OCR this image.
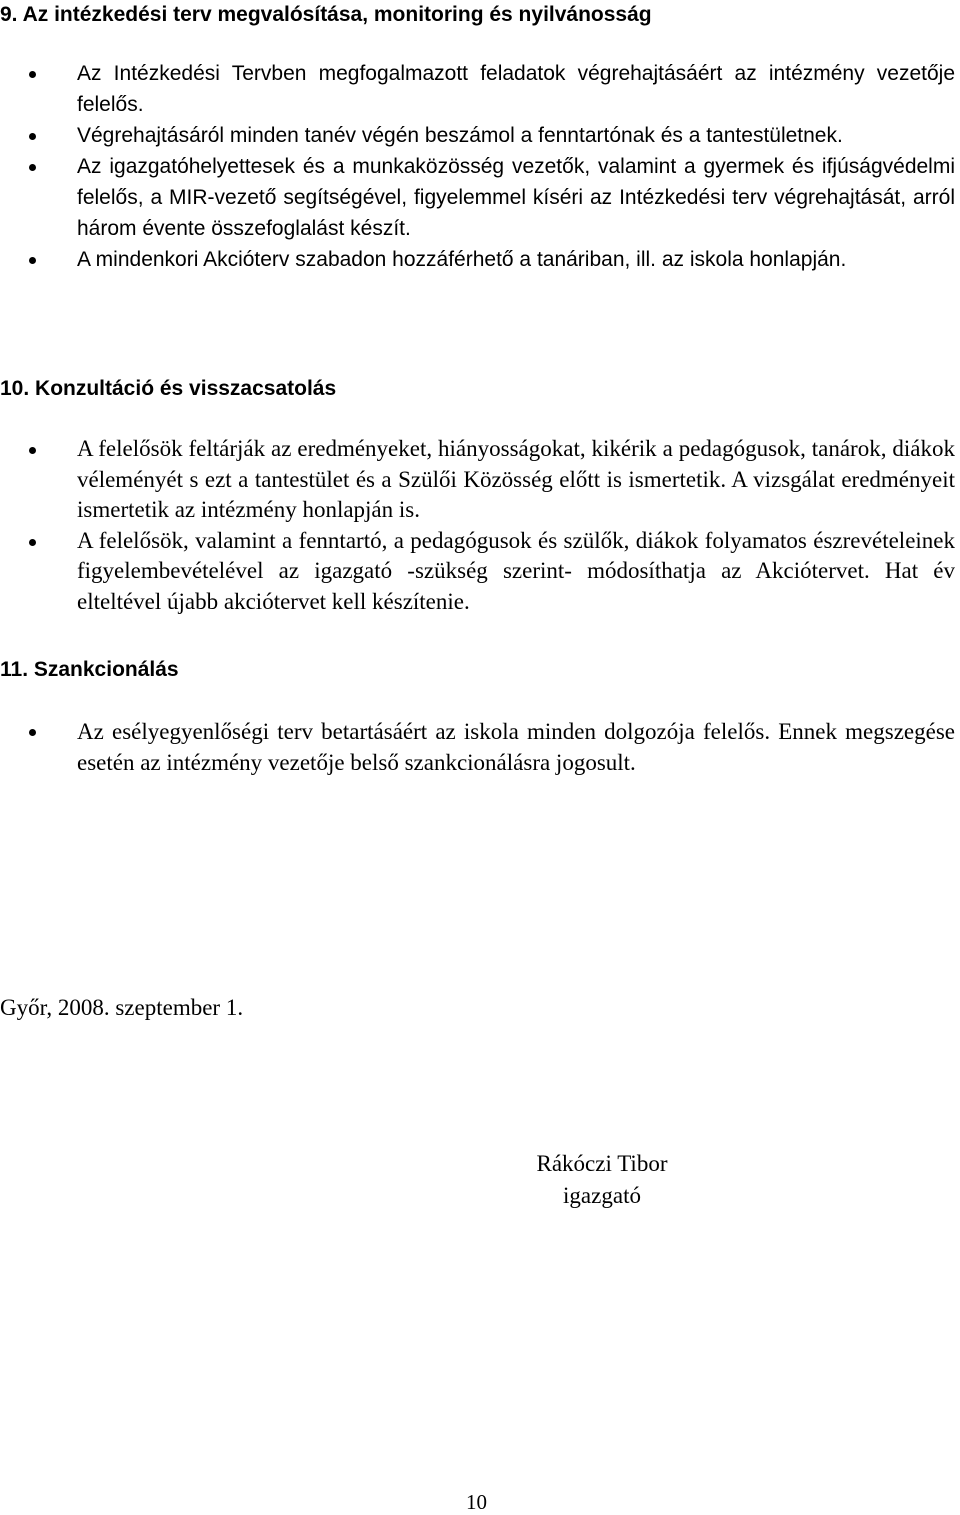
9. Az intézkedési terv megvalósítása, monitoring és nyilvánosság
Az Intézkedési Tervben megfogalmazott feladatok végrehajtásáért az intézmény vezetője felelős.
Végrehajtásáról minden tanév végén beszámol a fenntartónak és a tantestületnek.
Az igazgatóhelyettesek és a munkaközösség vezetők, valamint a gyermek és ifjúságvédelmi felelős, a MIR-vezető segítségével, figyelemmel kíséri az Intézkedési terv végrehajtását, arról három évente összefoglalást készít.
A mindenkori Akcióterv szabadon hozzáférhető a tanáriban, ill. az iskola honlapján.
10. Konzultáció és visszacsatolás
A felelősök feltárják az eredményeket, hiányosságokat, kikérik a pedagógusok, tanárok, diákok véleményét s ezt a tantestület és a Szülői Közösség előtt is ismertetik. A vizsgálat eredményeit ismertetik az intézmény honlapján is.
A felelősök, valamint a fenntartó, a pedagógusok és szülők, diákok folyamatos észrevételeinek figyelembevételével az igazgató -szükség szerint- módosíthatja az Akciótervet. Hat év elteltével újabb akciótervet kell készítenie.
11. Szankcionálás
Az esélyegyenlőségi terv betartásáért az iskola minden dolgozója felelős. Ennek megszegése esetén az intézmény vezetője belső szankcionálásra jogosult.

Győr, 2008. szeptember 1.

Rákóczi Tibor
igazgató

10
